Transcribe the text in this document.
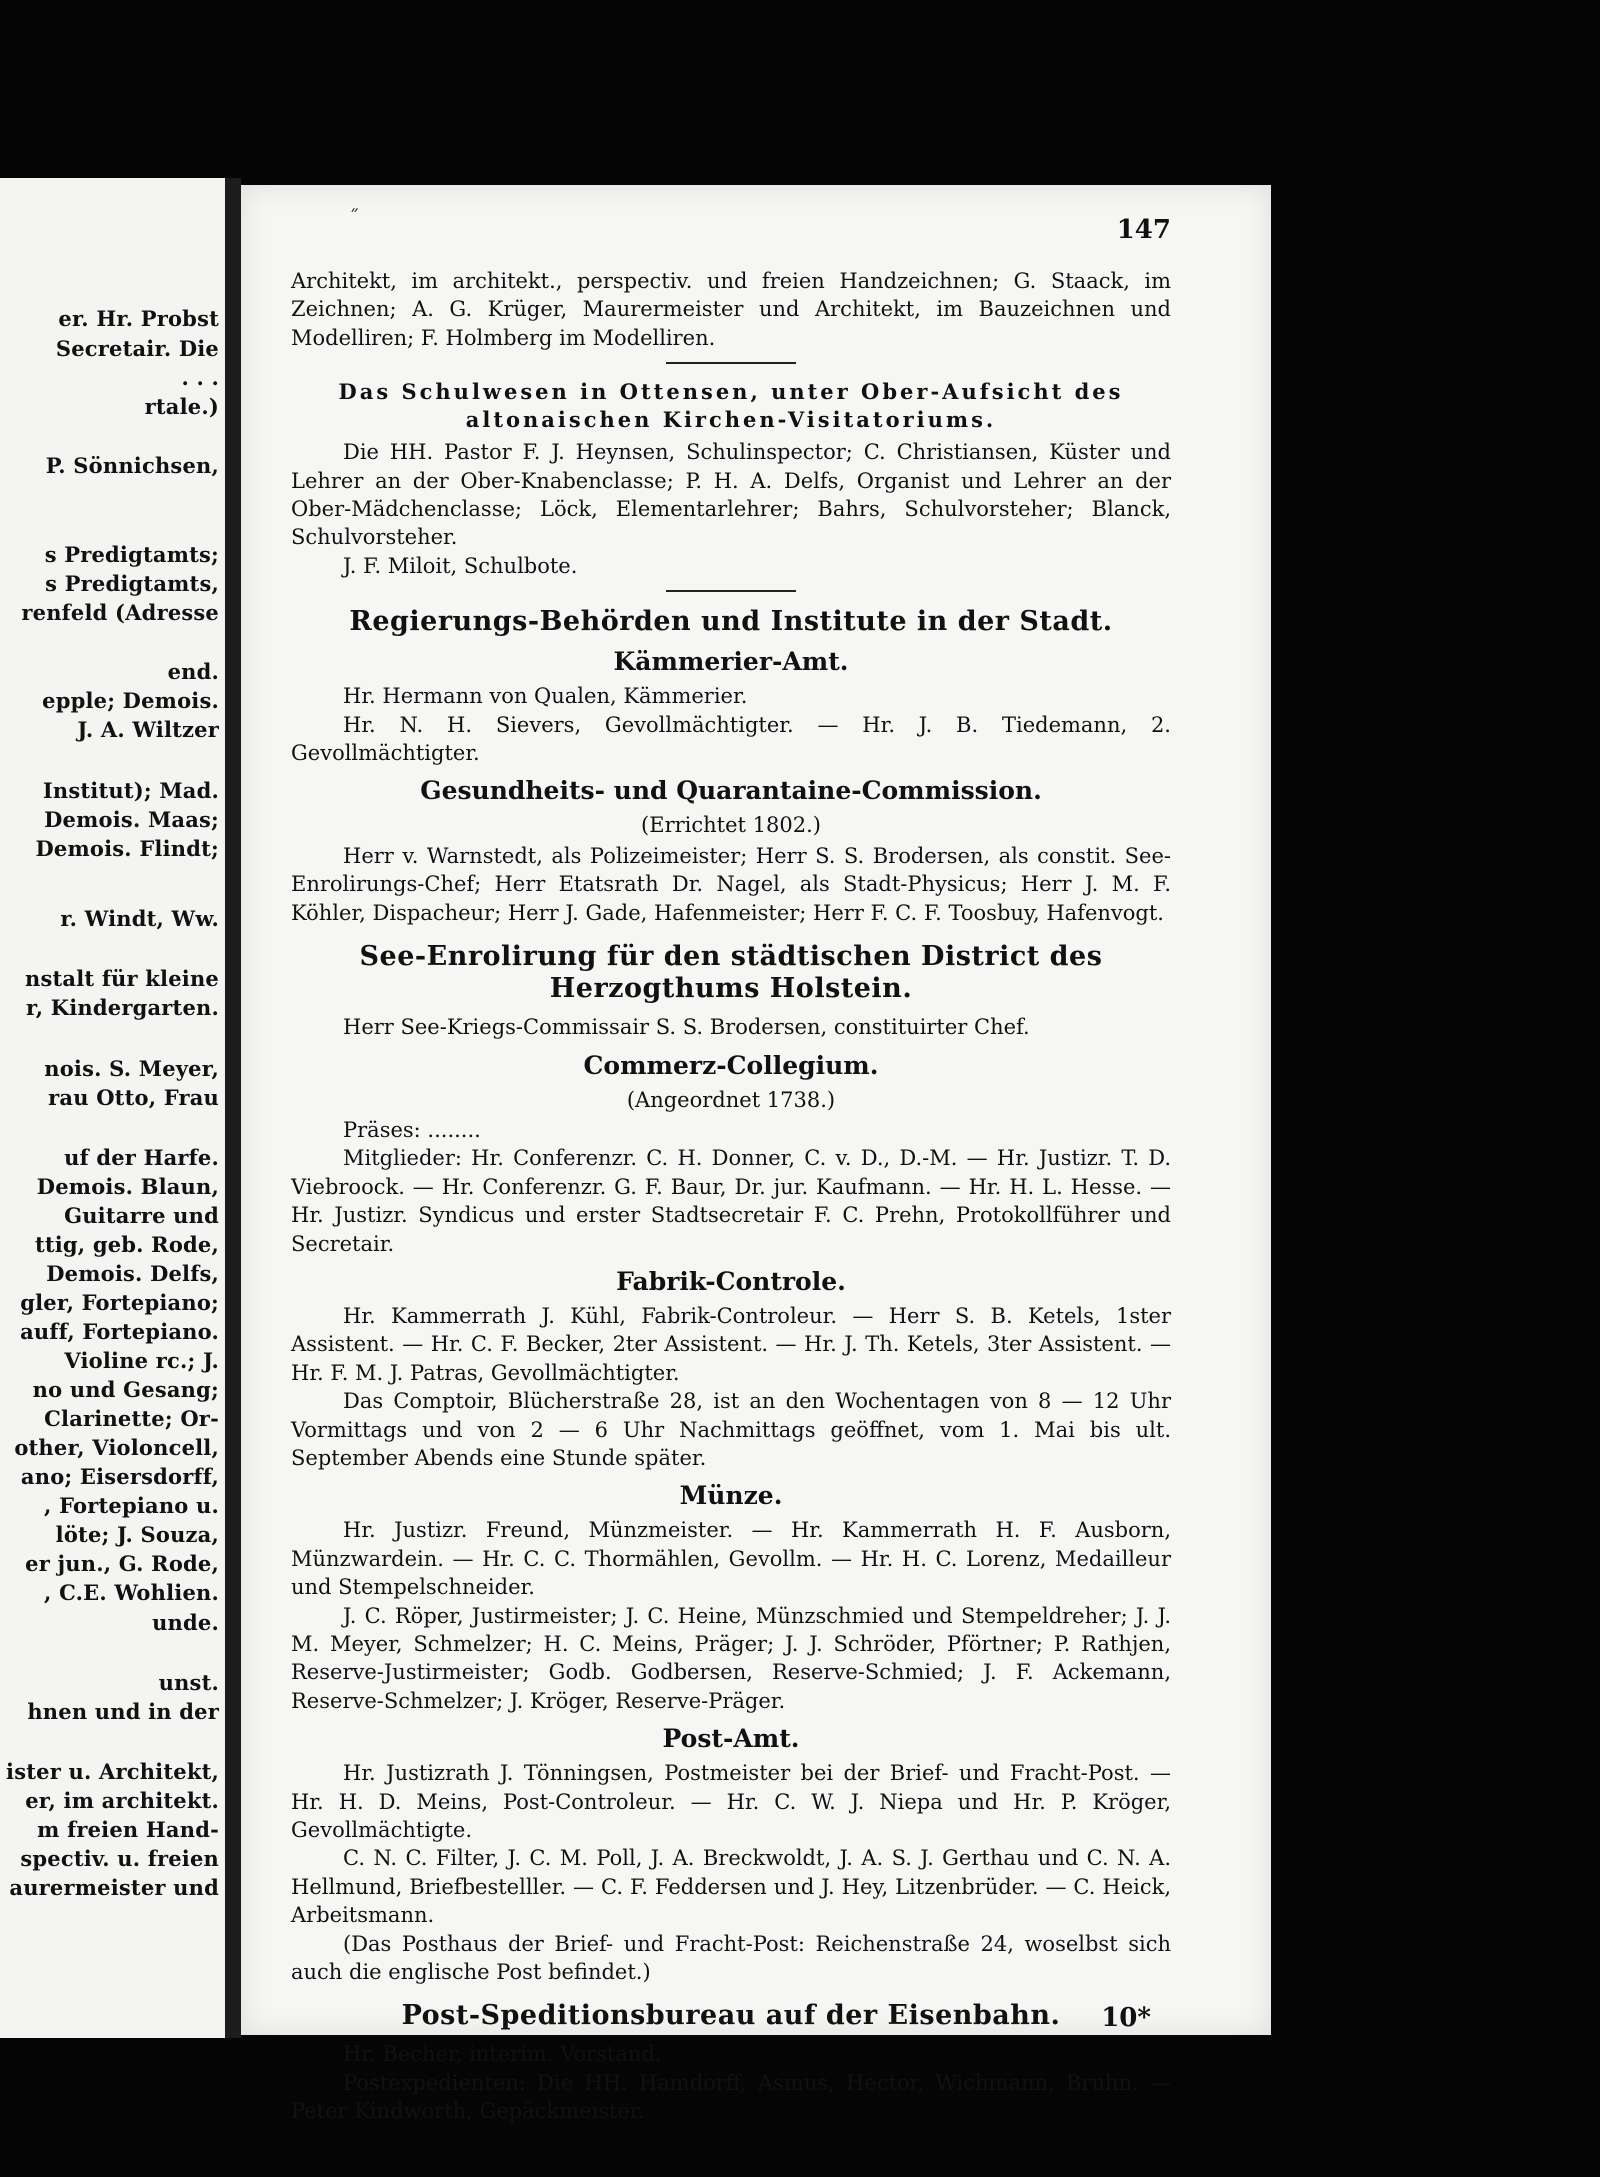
er. Hr. Probst
Secretair. Die
. . .
rtale.)
P. Sönnichsen,
s Predigtamts;
s Predigtamts,
renfeld (Adresse
end.
epple; Demois.
J. A. Wiltzer
Institut); Mad.
Demois. Maas;
Demois. Flindt;
r. Windt, Ww.
nstalt für kleine
r, Kindergarten.
nois. S. Meyer,
rau Otto, Frau
uf der Harfe.
Demois. Blaun,
Guitarre und
ttig, geb. Rode,
Demois. Delfs,
gler, Fortepiano;
auff, Fortepiano.
Violine rc.; J.
no und Gesang;
Clarinette; Or-
other, Violoncell,
ano; Eisersdorff,
, Fortepiano u.
löte; J. Souza,
er jun., G. Rode,
, C.E. Wohlien.
unde.
unst.
hnen und in der
ister u. Architekt,
er, im architekt.
m freien Hand-
spectiv. u. freien
aurermeister und
147
˝

Architekt, im architekt., perspectiv. und freien Handzeichnen; G. Staack, im Zeichnen; A. G. Krüger, Maurermeister und Architekt, im Bauzeichnen und Modelliren; F. Holmberg im Modelliren.

Das Schulwesen in Ottensen, unter Ober-Aufsicht des altonaischen Kirchen-Visitatoriums.

Die HH. Pastor F. J. Heynsen, Schulinspector; C. Christiansen, Küster und Lehrer an der Ober-Knabenclasse; P. H. A. Delfs, Organist und Lehrer an der Ober-Mädchenclasse; Löck, Elementarlehrer; Bahrs, Schulvorsteher; Blanck, Schulvorsteher.

J. F. Miloit, Schulbote.

Regierungs-Behörden und Institute in der Stadt.

Kämmerier-Amt.

Hr. Hermann von Qualen, Kämmerier.

Hr. N. H. Sievers, Gevollmächtigter. — Hr. J. B. Tiedemann, 2. Gevollmächtigter.

Gesundheits- und Quarantaine-Commission.

(Errichtet 1802.)

Herr v. Warnstedt, als Polizeimeister; Herr S. S. Brodersen, als constit. See-Enrolirungs-Chef; Herr Etatsrath Dr. Nagel, als Stadt-Physicus; Herr J. M. F. Köhler, Dispacheur; Herr J. Gade, Hafenmeister; Herr F. C. F. Toosbuy, Hafenvogt.

See-Enrolirung für den städtischen District des Herzogthums Holstein.

Herr See-Kriegs-Commissair S. S. Brodersen, constituirter Chef.

Commerz-Collegium.

(Angeordnet 1738.)

Präses: ........

Mitglieder: Hr. Conferenzr. C. H. Donner, C. v. D., D.-M. — Hr. Justizr. T. D. Viebroock. — Hr. Conferenzr. G. F. Baur, Dr. jur. Kaufmann. — Hr. H. L. Hesse. — Hr. Justizr. Syndicus und erster Stadtsecretair F. C. Prehn, Protokollführer und Secretair.

Fabrik-Controle.

Hr. Kammerrath J. Kühl, Fabrik-Controleur. — Herr S. B. Ketels, 1ster Assistent. — Hr. C. F. Becker, 2ter Assistent. — Hr. J. Th. Ketels, 3ter Assistent. — Hr. F. M. J. Patras, Gevollmächtigter.

Das Comptoir, Blücherstraße 28, ist an den Wochentagen von 8 — 12 Uhr Vormittags und von 2 — 6 Uhr Nachmittags geöffnet, vom 1. Mai bis ult. September Abends eine Stunde später.

Münze.

Hr. Justizr. Freund, Münzmeister. — Hr. Kammerrath H. F. Ausborn, Münzwardein. — Hr. C. C. Thormählen, Gevollm. — Hr. H. C. Lorenz, Medailleur und Stempelschneider.

J. C. Röper, Justirmeister; J. C. Heine, Münzschmied und Stempeldreher; J. J. M. Meyer, Schmelzer; H. C. Meins, Präger; J. J. Schröder, Pförtner; P. Rathjen, Reserve-Justirmeister; Godb. Godbersen, Reserve-Schmied; J. F. Ackemann, Reserve-Schmelzer; J. Kröger, Reserve-Präger.

Post-Amt.

Hr. Justizrath J. Tönningsen, Postmeister bei der Brief- und Fracht-Post. — Hr. H. D. Meins, Post-Controleur. — Hr. C. W. J. Niepa und Hr. P. Kröger, Gevollmächtigte.

C. N. C. Filter, J. C. M. Poll, J. A. Breckwoldt, J. A. S. J. Gerthau und C. N. A. Hellmund, Briefbestelller. — C. F. Feddersen und J. Hey, Litzenbrüder. — C. Heick, Arbeitsmann.

(Das Posthaus der Brief- und Fracht-Post: Reichenstraße 24, woselbst sich auch die englische Post befindet.)

Post-Speditionsbureau auf der Eisenbahn.

Hr. Becher, interim. Vorstand.

Postexpedienten: Die HH. Hamdorff, Asmus, Hector, Wichmann, Bruhn. — Peter Kindworth, Gepäckmeister.

10*
